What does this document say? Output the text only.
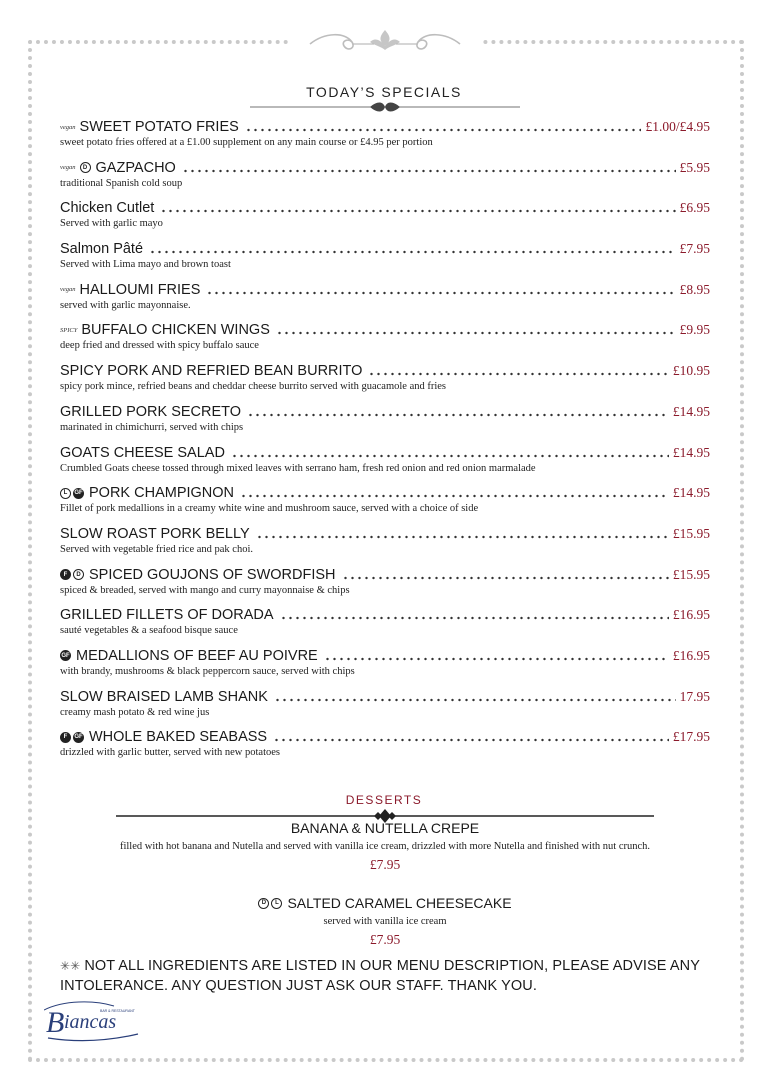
TODAY’S SPECIALS
vegan SWEET POTATO FRIES	£1.00/£4.95
sweet potato fries offered at a £1.00 supplement on any main course or £4.95 per portion
vegan	D GAZPACHO	£5.95
traditional Spanish cold soup
Chicken Cutlet	£6.95
Served with garlic mayo
Salmon Pâté	£7.95
Served with Lima mayo and brown toast
vegan HALLOUMI FRIES	£8.95
served with garlic mayonnaise.
SPICY BUFFALO CHICKEN WINGS	£9.95
deep fried and dressed with spicy buffalo sauce
SPICY PORK AND REFRIED BEAN BURRITO	£10.95
spicy pork mince, refried beans and cheddar cheese burrito served with guacamole and fries
GRILLED PORK SECRETO	£14.95
marinated in chimichurri, served with chips
GOATS CHEESE SALAD	£14.95
Crumbled Goats cheese tossed through mixed leaves with serrano ham, fresh red onion and red onion marmalade
L	GF PORK CHAMPIGNON	£14.95
Fillet of pork medallions in a creamy white wine and mushroom sauce, served with a choice of side
SLOW ROAST PORK BELLY	£15.95
Served with vegetable fried rice and pak choi.
F	D SPICED GOUJONS OF SWORDFISH	£15.95
spiced & breaded, served with mango and curry mayonnaise & chips
GRILLED FILLETS OF DORADA	£16.95
sauté vegetables & a seafood bisque sauce
GF MEDALLIONS OF BEEF AU POIVRE	£16.95
with brandy, mushrooms & black peppercorn sauce, served with chips
SLOW BRAISED LAMB SHANK	17.95
creamy mash potato & red wine jus
F	GF WHOLE BAKED SEABASS	£17.95
drizzled with garlic butter, served with new potatoes
DESSERTS
BANANA & NUTELLA CREPE
filled with hot banana and Nutella and served with vanilla ice cream, drizzled with more Nutella and finished with nut crunch.
£7.95
D	L SALTED CARAMEL CHEESECAKE
served with vanilla ice cream
£7.95
✳✳ NOT ALL INGREDIENTS ARE LISTED IN OUR MENU DESCRIPTION, PLEASE ADVISE ANY INTOLERANCE. ANY QUESTION JUST ASK OUR STAFF. THANK YOU.
B iancas
BAR & RESTAURANT
